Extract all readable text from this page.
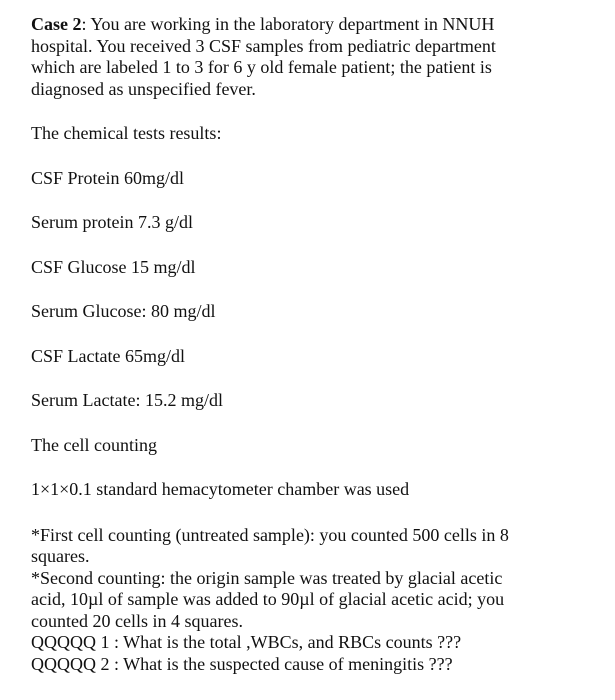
Case 2: You are working in the laboratory department in NNUH hospital. You received 3 CSF samples from pediatric department which are labeled 1 to 3 for 6 y old female patient; the patient is diagnosed as unspecified fever.

The chemical tests results:

CSF Protein 60mg/dl

Serum protein 7.3 g/dl

CSF Glucose 15 mg/dl

Serum Glucose: 80 mg/dl

CSF Lactate 65mg/dl

Serum Lactate: 15.2 mg/dl

The cell counting

1×1×0.1 standard hemacytometer chamber was used

*First cell counting (untreated sample): you counted 500 cells in 8 squares.

*Second counting: the origin sample was treated by glacial acetic acid, 10µl of sample was added to 90µl of glacial acetic acid; you counted 20 cells in 4 squares.

QQQQQ 1 : What is the total ,WBCs, and RBCs counts ???

QQQQQ 2 : What is the suspected cause of meningitis ???
